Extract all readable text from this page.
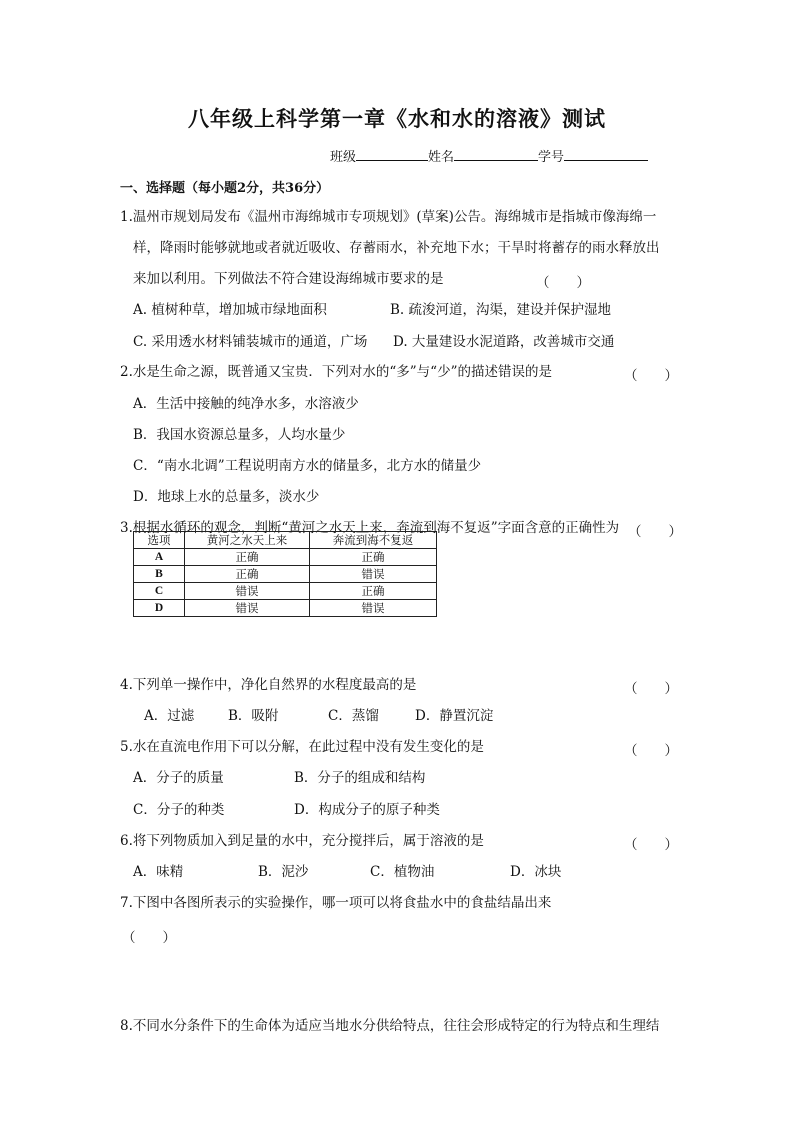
八年级上科学第一章《水和水的溶液》测试
班级	姓名	学号
一、选择题（每小题2分，共36分）
1.温州市规划局发布《温州市海绵城市专项规划》(草案)公告。海绵城市是指城市像海绵一
样，降雨时能够就地或者就近吸收、存蓄雨水，补充地下水；干旱时将蓄存的雨水释放出
来加以利用。下列做法不符合建设海绵城市要求的是	（　　）
A. 植树种草，增加城市绿地面积	B. 疏浚河道，沟渠，建设并保护湿地
C. 采用透水材料铺装城市的通道，广场 D. 大量建设水泥道路，改善城市交通
2.水是生命之源，既普通又宝贵．下列对水的“多”与“少”的描述错误的是	（　　）
A．生活中接触的纯净水多，水溶液少
B．我国水资源总量多，人均水量少
C．“南水北调”工程说明南方水的储量多，北方水的储量少
D．地球上水的总量多，淡水少
3.根据水循环的观念，判断“黄河之水天上来，奔流到海不复返”字面含意的正确性为 （　　）
选项	黄河之水天上来	奔流到海不复返
A	正确	正确
B	正确	错误
C	错误	正确
D	错误	错误
4.下列单一操作中，净化自然界的水程度最高的是	（　　）
A．过滤	B．吸附	C．蒸馏	D．静置沉淀
5.水在直流电作用下可以分解，在此过程中没有发生变化的是	（　　）
A．分子的质量	B．分子的组成和结构
C．分子的种类	D．构成分子的原子种类
6.将下列物质加入到足量的水中，充分搅拌后，属于溶液的是	（　　）
A．味精	B．泥沙	C．植物油	D．冰块
7.下图中各图所表示的实验操作，哪一项可以将食盐水中的食盐结晶出来
（　　）
8.不同水分条件下的生命体为适应当地水分供给特点，往往会形成特定的行为特点和生理结
